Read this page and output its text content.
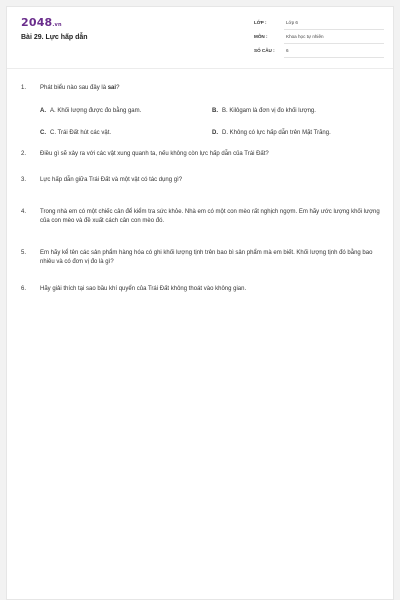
2048.vn
Bài 29. Lực hấp dẫn
LỚP :	Lớp 6
MÔN :	Khoa học tự nhiên
SỐ CÂU : 6
1.	Phát biểu nào sau đây là sai?
A. A. Khối lượng được đo bằng gam.	B. B. Kilôgam là đơn vị đo khối lượng.
C. C. Trái Đất hút các vật.	D. D. Không có lực hấp dẫn trên Mặt Trăng.
2.	Điều gì sẽ xảy ra với các vật xung quanh ta, nếu không còn lực hấp dẫn của Trái Đất?
3.	Lực hấp dẫn giữa Trái Đất và một vật có tác dụng gì?
4.	Trong nhà em có một chiếc cân để kiểm tra sức khỏe. Nhà em có một con mèo rất nghịch ngợm. Em hãy ước lượng khối lượng của con mèo và đề xuất cách cân con mèo đó.
5.	Em hãy kể tên các sản phẩm hàng hóa có ghi khối lượng tịnh trên bao bì sản phẩm mà em biết. Khối lượng tịnh đó bằng bao nhiêu và có đơn vị đo là gì?
6.	Hãy giải thích tại sao bầu khí quyển của Trái Đất không thoát vào không gian.
